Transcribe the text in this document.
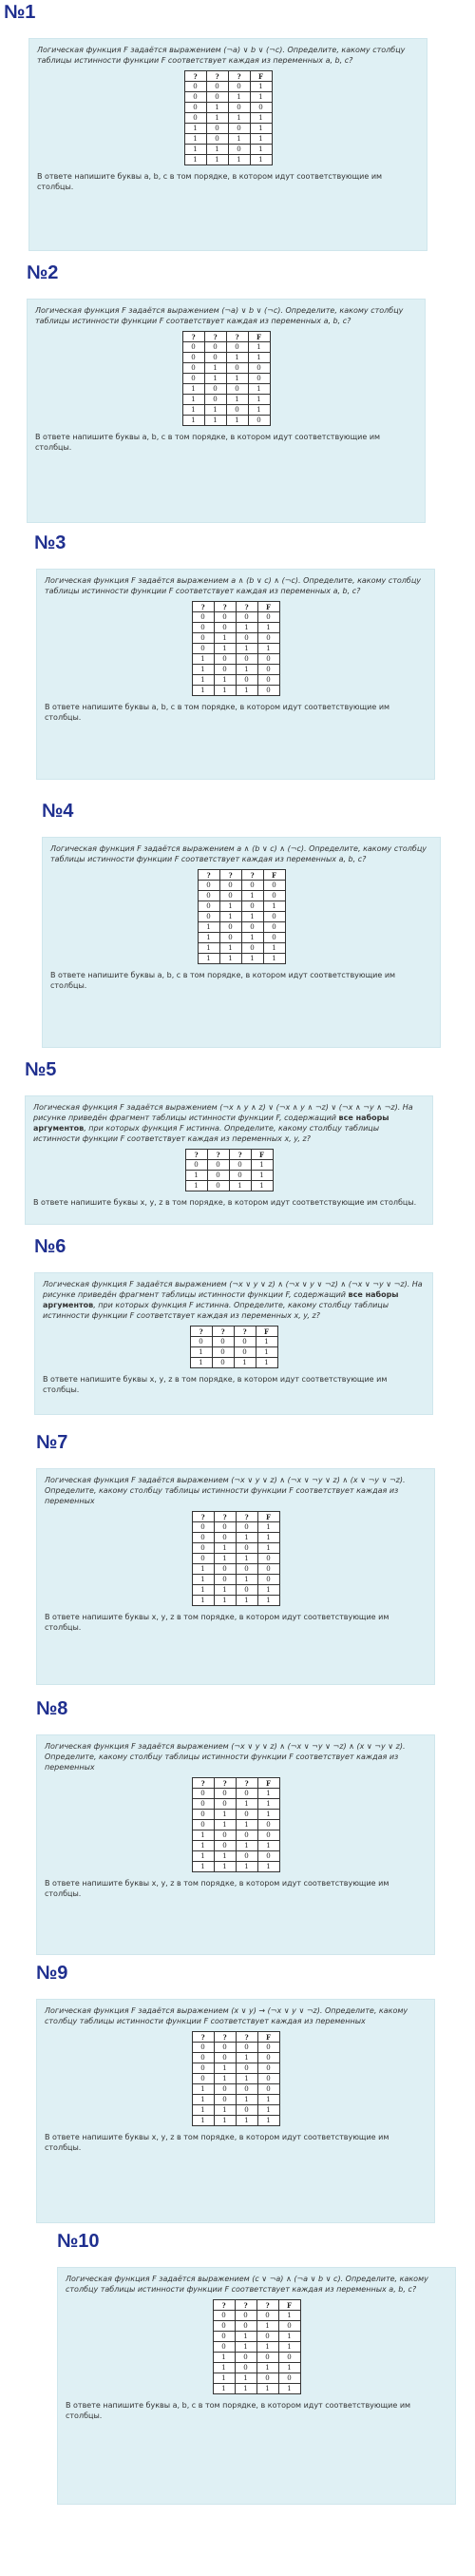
№1

Логическая функция F задаётся выражением (¬a) ∨ b ∨ (¬c). Определите, какому столбцу таблицы истинности функции F соответствует каждая из переменных a, b, c?

?	?	?	F
0	0	0	1
0	0	1	1
0	1	0	0
0	1	1	1
1	0	0	1
1	0	1	1
1	1	0	1
1	1	1	1
В ответе напишите буквы a, b, c в том порядке, в котором идут соответствующие им столбцы.
№2

Логическая функция F задаётся выражением (¬a) ∨ b ∨ (¬c). Определите, какому столбцу таблицы истинности функции F соответствует каждая из переменных a, b, c?

?	?	?	F
0	0	0	1
0	0	1	1
0	1	0	0
0	1	1	0
1	0	0	1
1	0	1	1
1	1	0	1
1	1	1	0
В ответе напишите буквы a, b, c в том порядке, в котором идут соответствующие им столбцы.
№3

Логическая функция F задаётся выражением a ∧ (b ∨ c) ∧ (¬c). Определите, какому столбцу таблицы истинности функции F соответствует каждая из переменных a, b, c?

?	?	?	F
0	0	0	0
0	0	1	1
0	1	0	0
0	1	1	1
1	0	0	0
1	0	1	0
1	1	0	0
1	1	1	0
В ответе напишите буквы a, b, c в том порядке, в котором идут соответствующие им столбцы.
№4

Логическая функция F задаётся выражением a ∧ (b ∨ c) ∧ (¬c). Определите, какому столбцу таблицы истинности функции F соответствует каждая из переменных a, b, c?

?	?	?	F
0	0	0	0
0	0	1	0
0	1	0	1
0	1	1	0
1	0	0	0
1	0	1	0
1	1	0	1
1	1	1	1
В ответе напишите буквы a, b, c в том порядке, в котором идут соответствующие им столбцы.
№5

Логическая функция F задаётся выражением (¬x ∧ y ∧ z) ∨ (¬x ∧ y ∧ ¬z) ∨ (¬x ∧ ¬y ∧ ¬z). На рисунке приведён фрагмент таблицы истинности функции F, содержащий все наборы аргументов, при которых функция F истинна. Определите, какому столбцу таблицы истинности функции F соответствует каждая из переменных x, y, z?

?	?	?	F
0	0	0	1
1	0	0	1
1	0	1	1
В ответе напишите буквы x, y, z в том порядке, в котором идут соответствующие им столбцы.
№6

Логическая функция F задаётся выражением (¬x ∨ y ∨ z) ∧ (¬x ∨ y ∨ ¬z) ∧ (¬x ∨ ¬y ∨ ¬z). На рисунке приведён фрагмент таблицы истинности функции F, содержащий все наборы аргументов, при которых функция F истинна. Определите, какому столбцу таблицы истинности функции F соответствует каждая из переменных x, y, z?

?	?	?	F
0	0	0	1
1	0	0	1
1	0	1	1
В ответе напишите буквы x, y, z в том порядке, в котором идут соответствующие им столбцы.
№7

Логическая функция F задаётся выражением (¬x ∨ y ∨ z) ∧ (¬x ∨ ¬y ∨ z) ∧ (x ∨ ¬y ∨ ¬z). Определите, какому столбцу таблицы истинности функции F соответствует каждая из переменных

?	?	?	F
0	0	0	1
0	0	1	1
0	1	0	1
0	1	1	0
1	0	0	0
1	0	1	0
1	1	0	1
1	1	1	1
В ответе напишите буквы x, y, z в том порядке, в котором идут соответствующие им столбцы.
№8

Логическая функция F задаётся выражением (¬x ∨ y ∨ z) ∧ (¬x ∨ ¬y ∨ ¬z) ∧ (x ∨ ¬y ∨ z). Определите, какому столбцу таблицы истинности функции F соответствует каждая из переменных

?	?	?	F
0	0	0	1
0	0	1	1
0	1	0	1
0	1	1	0
1	0	0	0
1	0	1	1
1	1	0	0
1	1	1	1
В ответе напишите буквы x, y, z в том порядке, в котором идут соответствующие им столбцы.
№9

Логическая функция F задаётся выражением (x ∨ y) → (¬x ∨ y ∨ ¬z). Определите, какому столбцу таблицы истинности функции F соответствует каждая из переменных

?	?	?	F
0	0	0	0
0	0	1	0
0	1	0	0
0	1	1	0
1	0	0	0
1	0	1	1
1	1	0	1
1	1	1	1
В ответе напишите буквы x, y, z в том порядке, в котором идут соответствующие им столбцы.
№10

Логическая функция F задаётся выражением (c ∨ ¬a) ∧ (¬a ∨ b ∨ c). Определите, какому столбцу таблицы истинности функции F соответствует каждая из переменных a, b, c?

?	?	?	F
0	0	0	1
0	0	1	0
0	1	0	1
0	1	1	1
1	0	0	0
1	0	1	1
1	1	0	0
1	1	1	1
В ответе напишите буквы a, b, c в том порядке, в котором идут соответствующие им столбцы.
